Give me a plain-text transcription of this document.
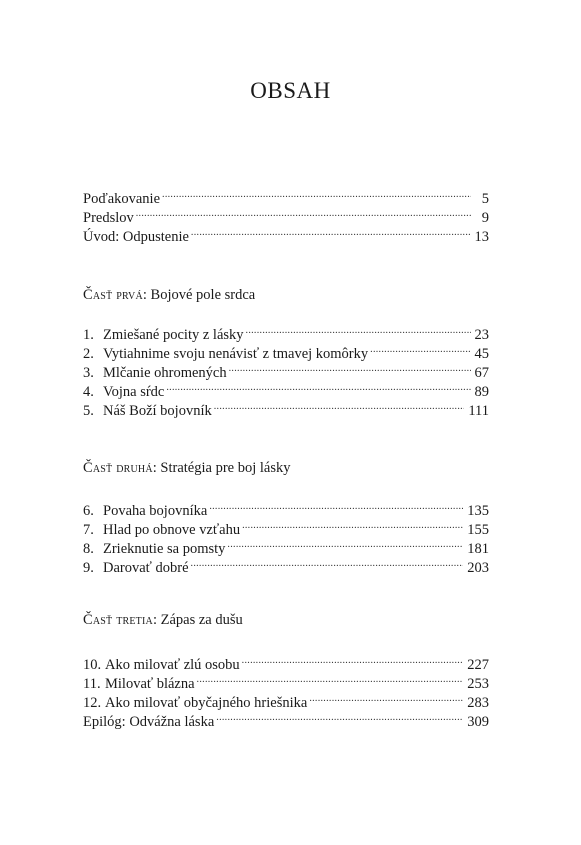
OBSAH
Poďakovanie .....	5
Predslov .....	9
Úvod: Odpustenie .....	13
Časť prvá: Bojové pole srdca
1. Zmiešané pocity z lásky .....	23
2. Vytiahnime svoju nenávisť z tmavej komôrky .....	45
3. Mlčanie ohromených .....	67
4. Vojna sŕdc .....	89
5. Náš Boží bojovník .....	111
Časť druhá: Stratégia pre boj lásky
6. Povaha bojovníka .....	135
7. Hlad po obnove vzťahu .....	155
8. Zrieknutie sa pomsty .....	181
9. Darovať dobré .....	203
Časť tretia: Zápas za dušu
10. Ako milovať zlú osobu .....	227
11. Milovať blázna .....	253
12. Ako milovať obyčajného hriešnika .....	283
Epilóg: Odvážna láska .....	309
